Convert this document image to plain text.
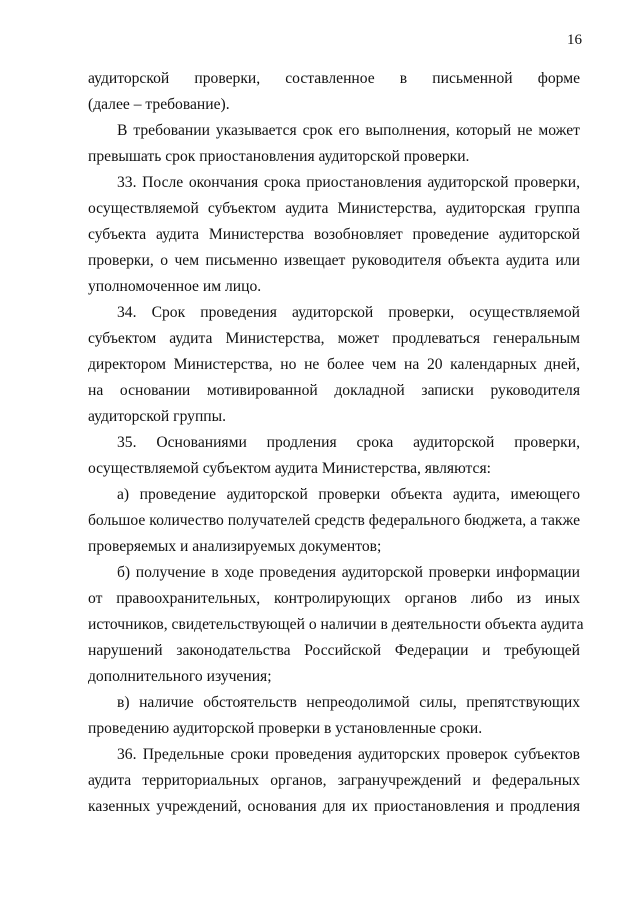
16
аудиторской проверки, составленное в письменной форме
(далее – требование).
В требовании указывается срок его выполнения, который не может
превышать срок приостановления аудиторской проверки.
33. После окончания срока приостановления аудиторской проверки,
осуществляемой субъектом аудита Министерства, аудиторская группа
субъекта аудита Министерства возобновляет проведение аудиторской
проверки, о чем письменно извещает руководителя объекта аудита или
уполномоченное им лицо.
34. Срок проведения аудиторской проверки, осуществляемой
субъектом аудита Министерства, может продлеваться генеральным
директором Министерства, но не более чем на 20 календарных дней,
на основании мотивированной докладной записки руководителя
аудиторской группы.
35. Основаниями продления срока аудиторской проверки,
осуществляемой субъектом аудита Министерства, являются:
а) проведение аудиторской проверки объекта аудита, имеющего
большое количество получателей средств федерального бюджета, а также
проверяемых и анализируемых документов;
б) получение в ходе проведения аудиторской проверки информации
от правоохранительных, контролирующих органов либо из иных
источников, свидетельствующей о наличии в деятельности объекта аудита
нарушений законодательства Российской Федерации и требующей
дополнительного изучения;
в) наличие обстоятельств непреодолимой силы, препятствующих
проведению аудиторской проверки в установленные сроки.
36. Предельные сроки проведения аудиторских проверок субъектов
аудита территориальных органов, загранучреждений и федеральных
казенных учреждений, основания для их приостановления и продления
